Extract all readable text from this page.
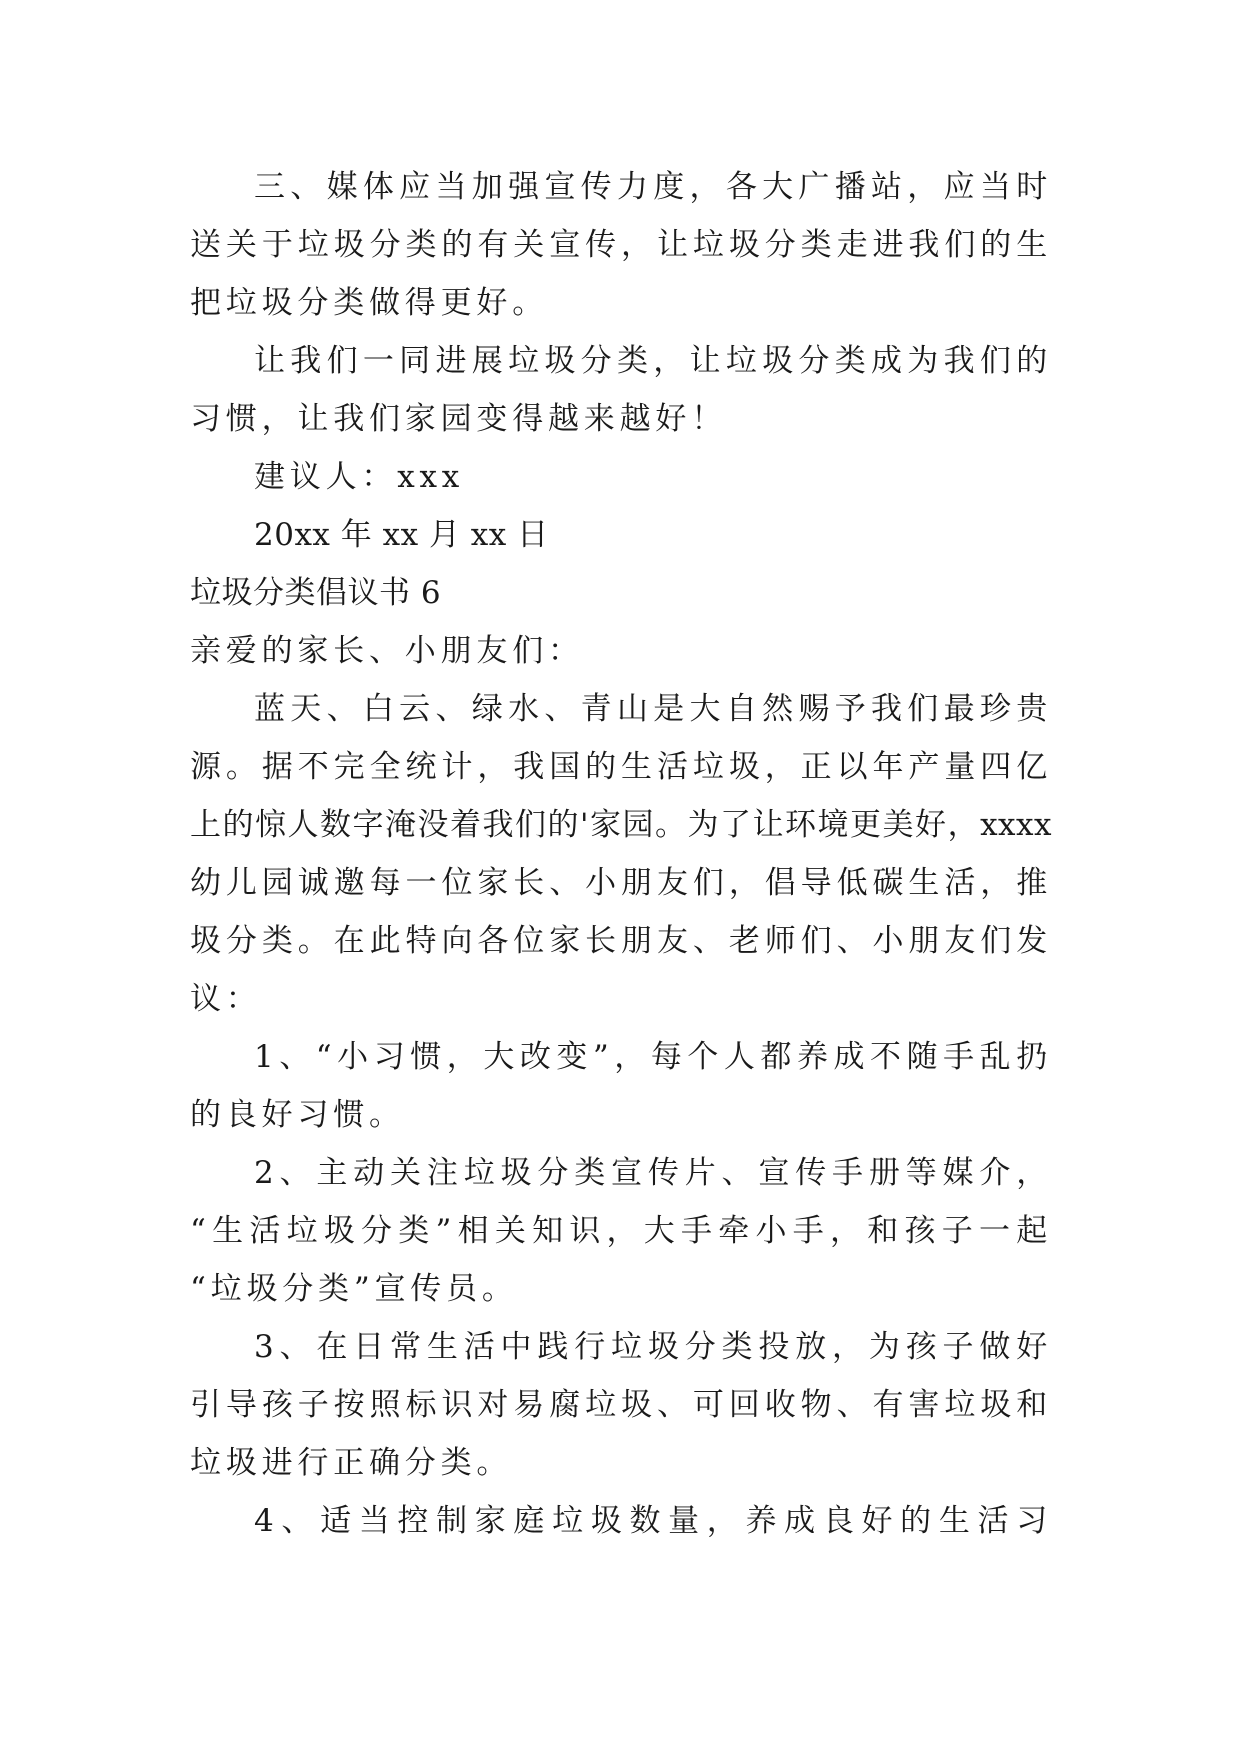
三、媒体应当加强宣传力度，各大广播站，应当时
送关于垃圾分类的有关宣传，让垃圾分类走进我们的生
把垃圾分类做得更好。
让我们一同进展垃圾分类，让垃圾分类成为我们的
习惯，让我们家园变得越来越好！
建议人：xxx
20xx 年 xx 月 xx 日
垃圾分类倡议书 6
亲爱的家长、小朋友们：
蓝天、白云、绿水、青山是大自然赐予我们最珍贵
源。据不完全统计，我国的生活垃圾，正以年产量四亿
上的惊人数字淹没着我们的'家园。为了让环境更美好，xxxx
幼儿园诚邀每一位家长、小朋友们，倡导低碳生活，推
圾分类。在此特向各位家长朋友、老师们、小朋友们发
议：
1、“小习惯，大改变”，每个人都养成不随手乱扔
的良好习惯。
2、主动关注垃圾分类宣传片、宣传手册等媒介，
“生活垃圾分类”相关知识，大手牵小手，和孩子一起
“垃圾分类”宣传员。
3、在日常生活中践行垃圾分类投放，为孩子做好
引导孩子按照标识对易腐垃圾、可回收物、有害垃圾和
垃圾进行正确分类。
4、适当控制家庭垃圾数量，养成良好的生活习
